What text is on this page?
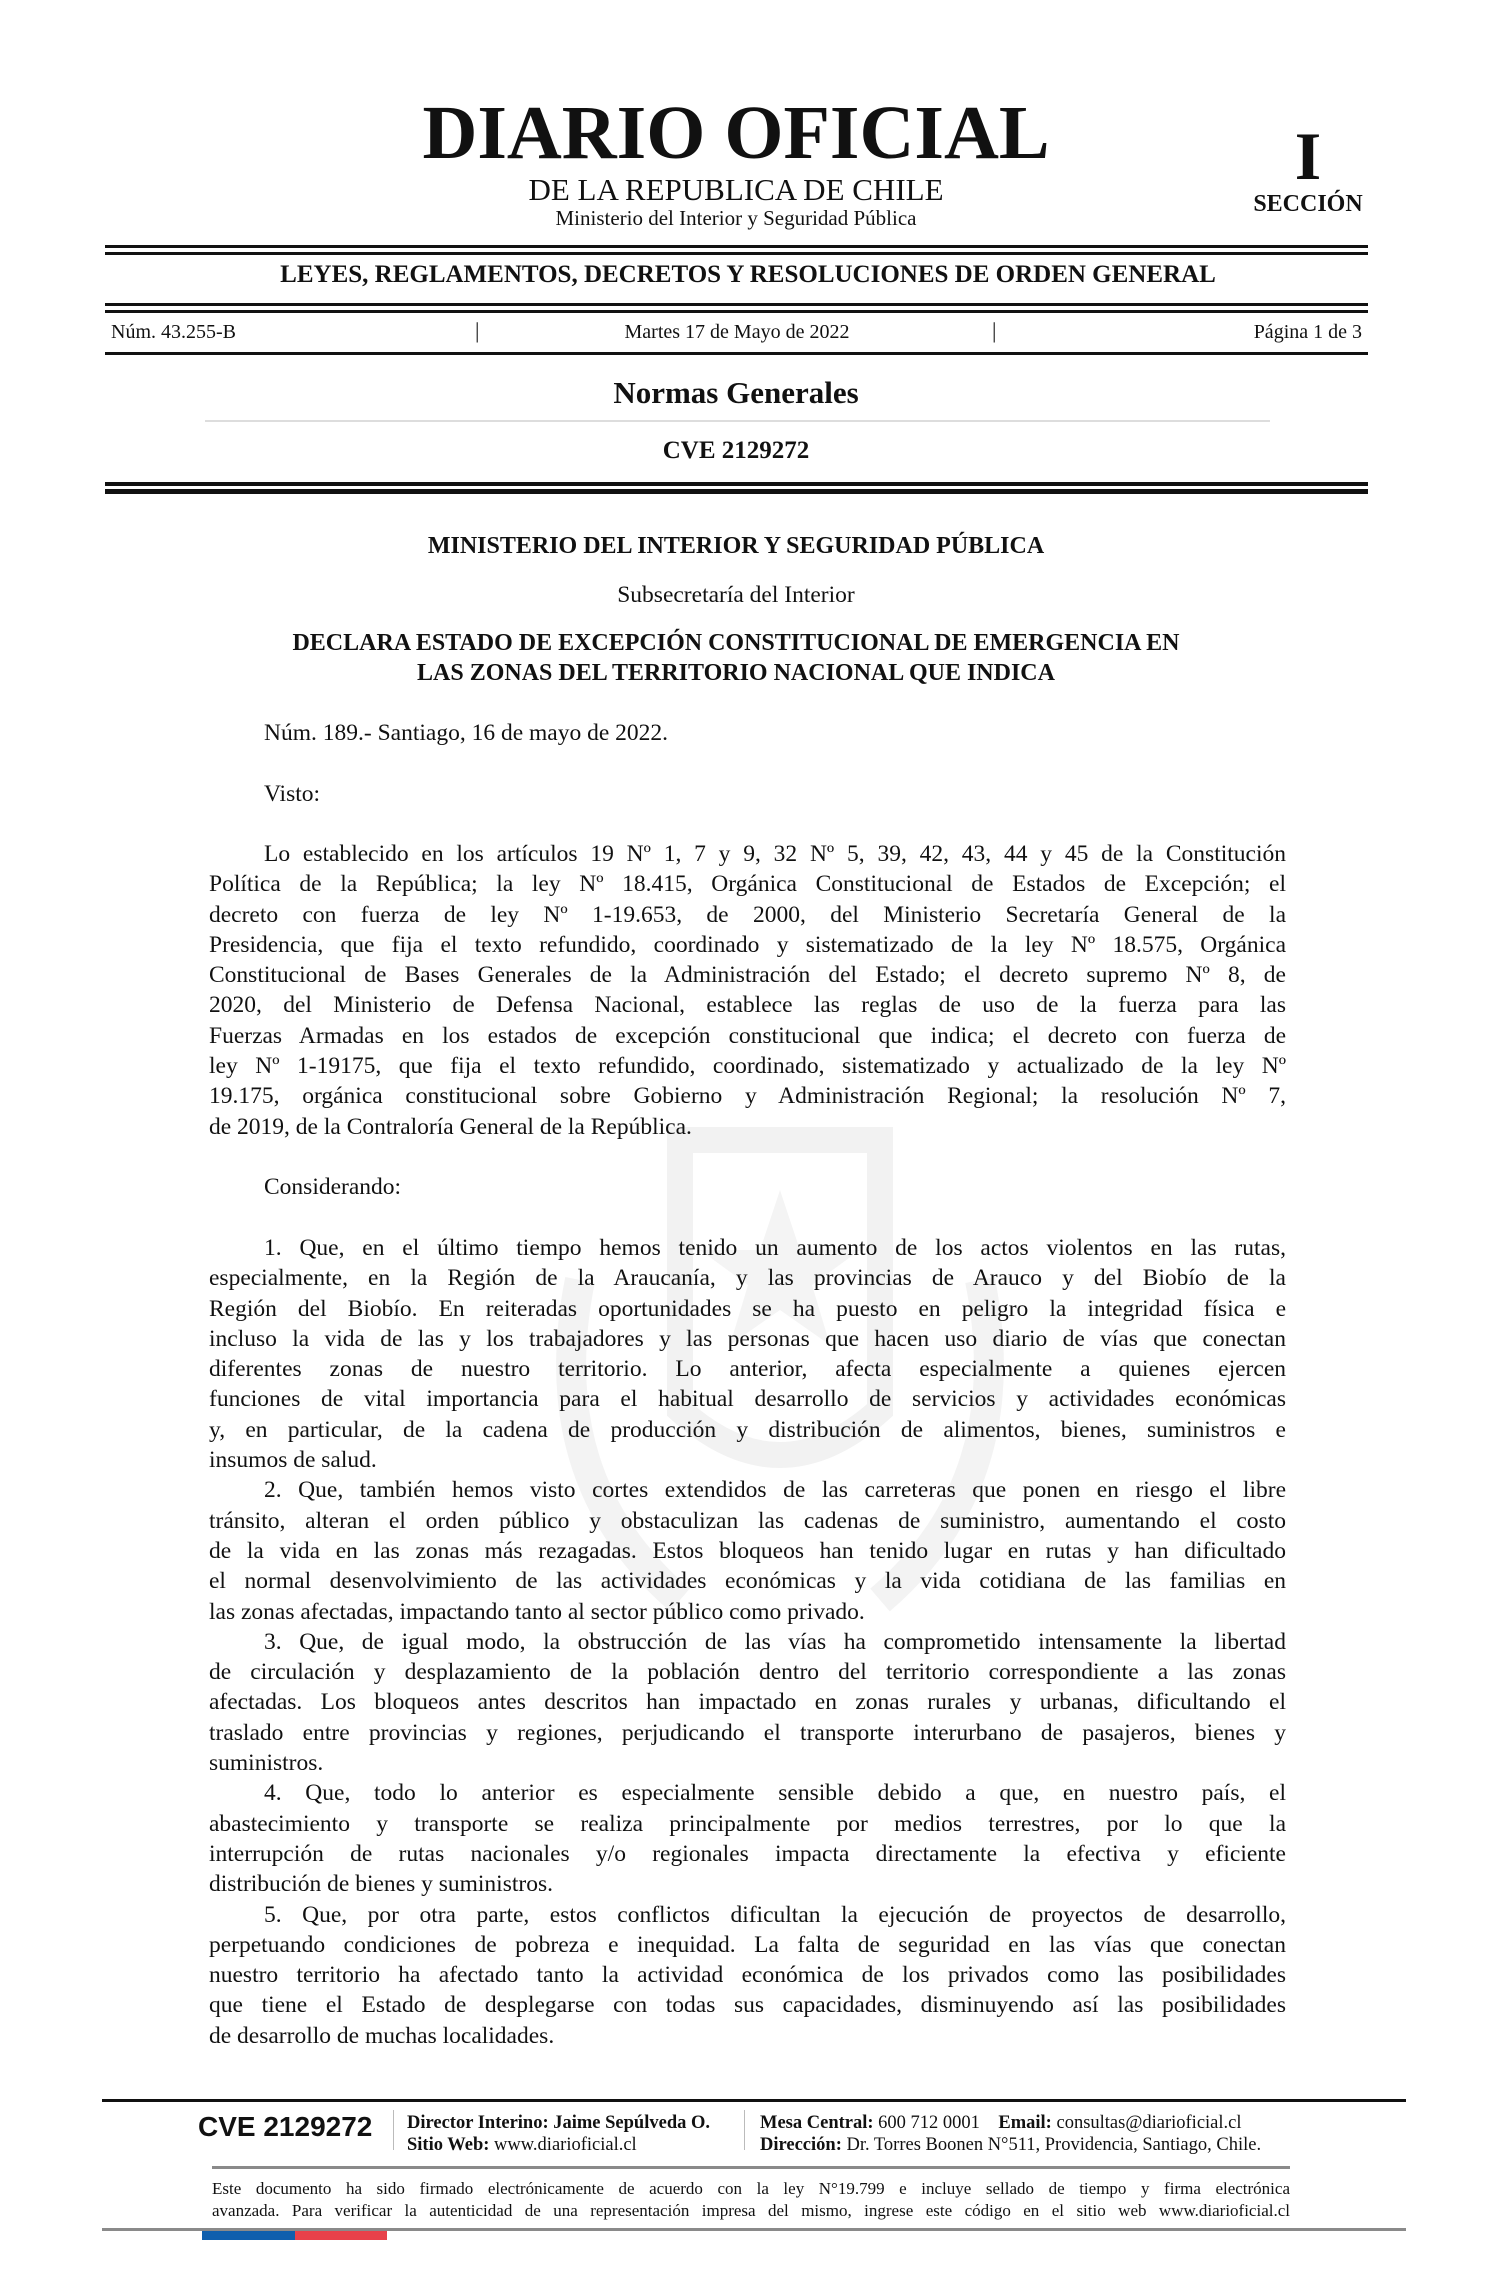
DIARIO OFICIAL
DE LA REPUBLICA DE CHILE
Ministerio del Interior y Seguridad Pública
I
SECCIÓN
LEYES, REGLAMENTOS, DECRETOS Y RESOLUCIONES DE ORDEN GENERAL
Núm. 43.255-B	|	Martes 17 de Mayo de 2022	|	Página 1 de 3
Normas Generales
CVE 2129272
MINISTERIO DEL INTERIOR Y SEGURIDAD PÚBLICA
Subsecretaría del Interior
DECLARA ESTADO DE EXCEPCIÓN CONSTITUCIONAL DE EMERGENCIA EN
LAS ZONAS DEL TERRITORIO NACIONAL QUE INDICA
Núm. 189.- Santiago, 16 de mayo de 2022.
Visto:
Lo establecido en los artículos 19 Nº 1, 7 y 9, 32 Nº 5, 39, 42, 43, 44 y 45 de la Constitución
Política de la República; la ley Nº 18.415, Orgánica Constitucional de Estados de Excepción; el
decreto con fuerza de ley Nº 1-19.653, de 2000, del Ministerio Secretaría General de la
Presidencia, que fija el texto refundido, coordinado y sistematizado de la ley Nº 18.575, Orgánica
Constitucional de Bases Generales de la Administración del Estado; el decreto supremo Nº 8, de
2020, del Ministerio de Defensa Nacional, establece las reglas de uso de la fuerza para las
Fuerzas Armadas en los estados de excepción constitucional que indica; el decreto con fuerza de
ley Nº 1-19175, que fija el texto refundido, coordinado, sistematizado y actualizado de la ley Nº
19.175, orgánica constitucional sobre Gobierno y Administración Regional; la resolución Nº 7,
de 2019, de la Contraloría General de la República.
Considerando:
1. Que, en el último tiempo hemos tenido un aumento de los actos violentos en las rutas,
especialmente, en la Región de la Araucanía, y las provincias de Arauco y del Biobío de la
Región del Biobío. En reiteradas oportunidades se ha puesto en peligro la integridad física e
incluso la vida de las y los trabajadores y las personas que hacen uso diario de vías que conectan
diferentes zonas de nuestro territorio. Lo anterior, afecta especialmente a quienes ejercen
funciones de vital importancia para el habitual desarrollo de servicios y actividades económicas
y, en particular, de la cadena de producción y distribución de alimentos, bienes, suministros e
insumos de salud.
2. Que, también hemos visto cortes extendidos de las carreteras que ponen en riesgo el libre
tránsito, alteran el orden público y obstaculizan las cadenas de suministro, aumentando el costo
de la vida en las zonas más rezagadas. Estos bloqueos han tenido lugar en rutas y han dificultado
el normal desenvolvimiento de las actividades económicas y la vida cotidiana de las familias en
las zonas afectadas, impactando tanto al sector público como privado.
3. Que, de igual modo, la obstrucción de las vías ha comprometido intensamente la libertad
de circulación y desplazamiento de la población dentro del territorio correspondiente a las zonas
afectadas. Los bloqueos antes descritos han impactado en zonas rurales y urbanas, dificultando el
traslado entre provincias y regiones, perjudicando el transporte interurbano de pasajeros, bienes y
suministros.
4. Que, todo lo anterior es especialmente sensible debido a que, en nuestro país, el
abastecimiento y transporte se realiza principalmente por medios terrestres, por lo que la
interrupción de rutas nacionales y/o regionales impacta directamente la efectiva y eficiente
distribución de bienes y suministros.
5. Que, por otra parte, estos conflictos dificultan la ejecución de proyectos de desarrollo,
perpetuando condiciones de pobreza e inequidad. La falta de seguridad en las vías que conectan
nuestro territorio ha afectado tanto la actividad económica de los privados como las posibilidades
que tiene el Estado de desplegarse con todas sus capacidades, disminuyendo así las posibilidades
de desarrollo de muchas localidades.
CVE 2129272 Director Interino: Jaime Sepúlveda O.
Sitio Web: www.diarioficial.cl
Mesa Central: 600 712 0001 Email: consultas@diarioficial.cl
Dirección: Dr. Torres Boonen N°511, Providencia, Santiago, Chile.
Este documento ha sido firmado electrónicamente de acuerdo con la ley N°19.799 e incluye sellado de tiempo y firma electrónica
avanzada. Para verificar la autenticidad de una representación impresa del mismo, ingrese este código en el sitio web www.diarioficial.cl
